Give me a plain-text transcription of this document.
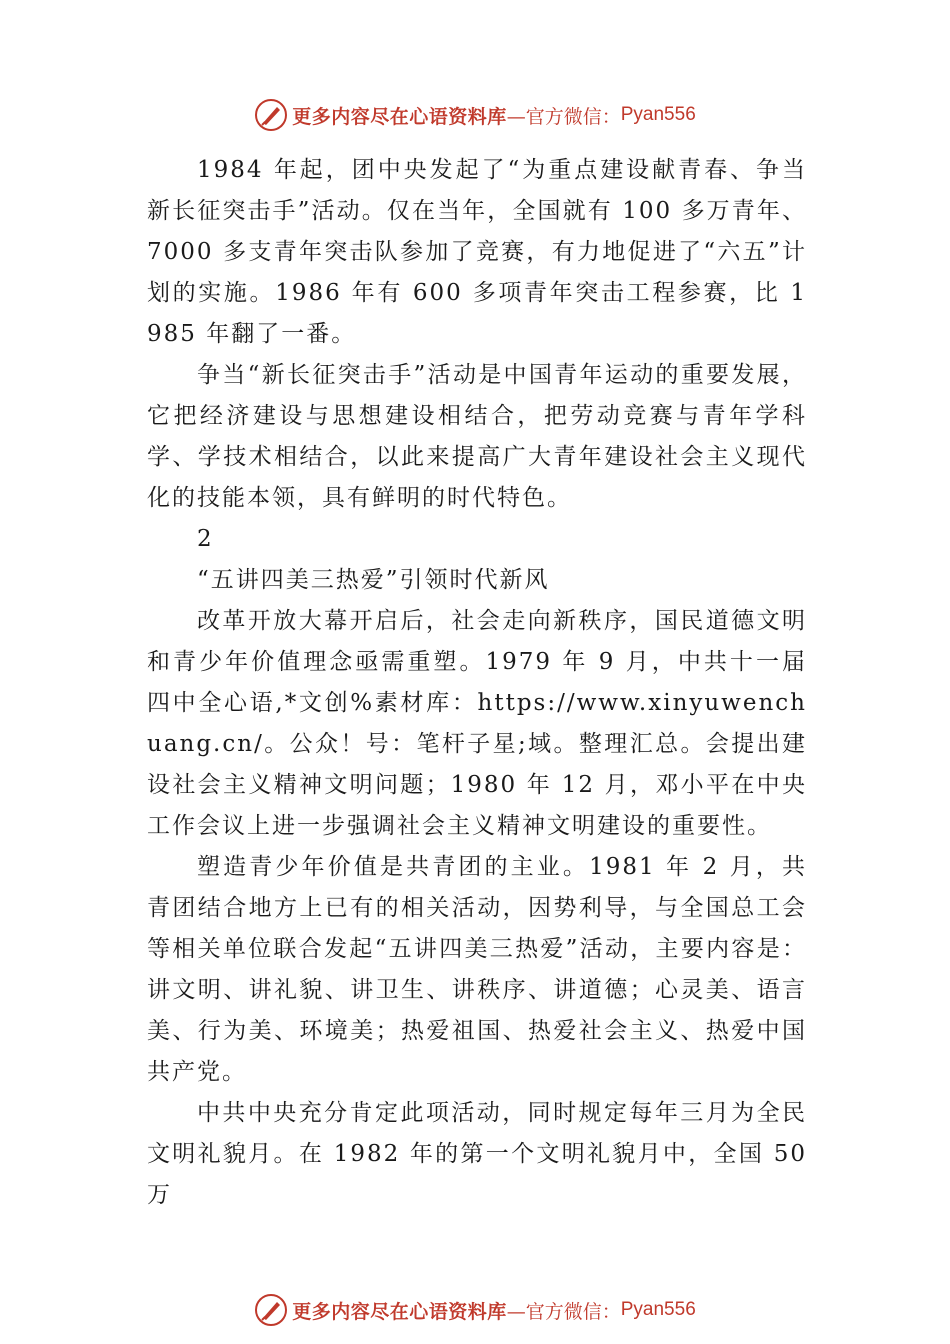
更多内容尽在心语资料库 —官方微信： Pyan556

1984 年起，团中央发起了“为重点建设献青春、争当新长征突击手”活动。仅在当年，全国就有 100 多万青年、7000 多支青年突击队参加了竞赛，有力地促进了“六五”计划的实施。1986 年有 600 多项青年突击工程参赛，比 1985 年翻了一番。

争当“新长征突击手”活动是中国青年运动的重要发展，它把经济建设与思想建设相结合，把劳动竞赛与青年学科学、学技术相结合，以此来提高广大青年建设社会主义现代化的技能本领，具有鲜明的时代特色。

2

“五讲四美三热爱”引领时代新风

改革开放大幕开启后，社会走向新秩序，国民道德文明和青少年价值理念亟需重塑。1979 年 9 月，中共十一届四中全心语,*文创%素材库：https://www.xinyuwenchuang.cn/。公众！号：笔杆子星;域。整理汇总。会提出建设社会主义精神文明问题；1980 年 12 月，邓小平在中央工作会议上进一步强调社会主义精神文明建设的重要性。

塑造青少年价值是共青团的主业。1981 年 2 月，共青团结合地方上已有的相关活动，因势利导，与全国总工会等相关单位联合发起“五讲四美三热爱”活动，主要内容是：讲文明、讲礼貌、讲卫生、讲秩序、讲道德；心灵美、语言美、行为美、环境美；热爱祖国、热爱社会主义、热爱中国共产党。

中共中央充分肯定此项活动，同时规定每年三月为全民文明礼貌月。在 1982 年的第一个文明礼貌月中，全国 50 万

更多内容尽在心语资料库 —官方微信： Pyan556
